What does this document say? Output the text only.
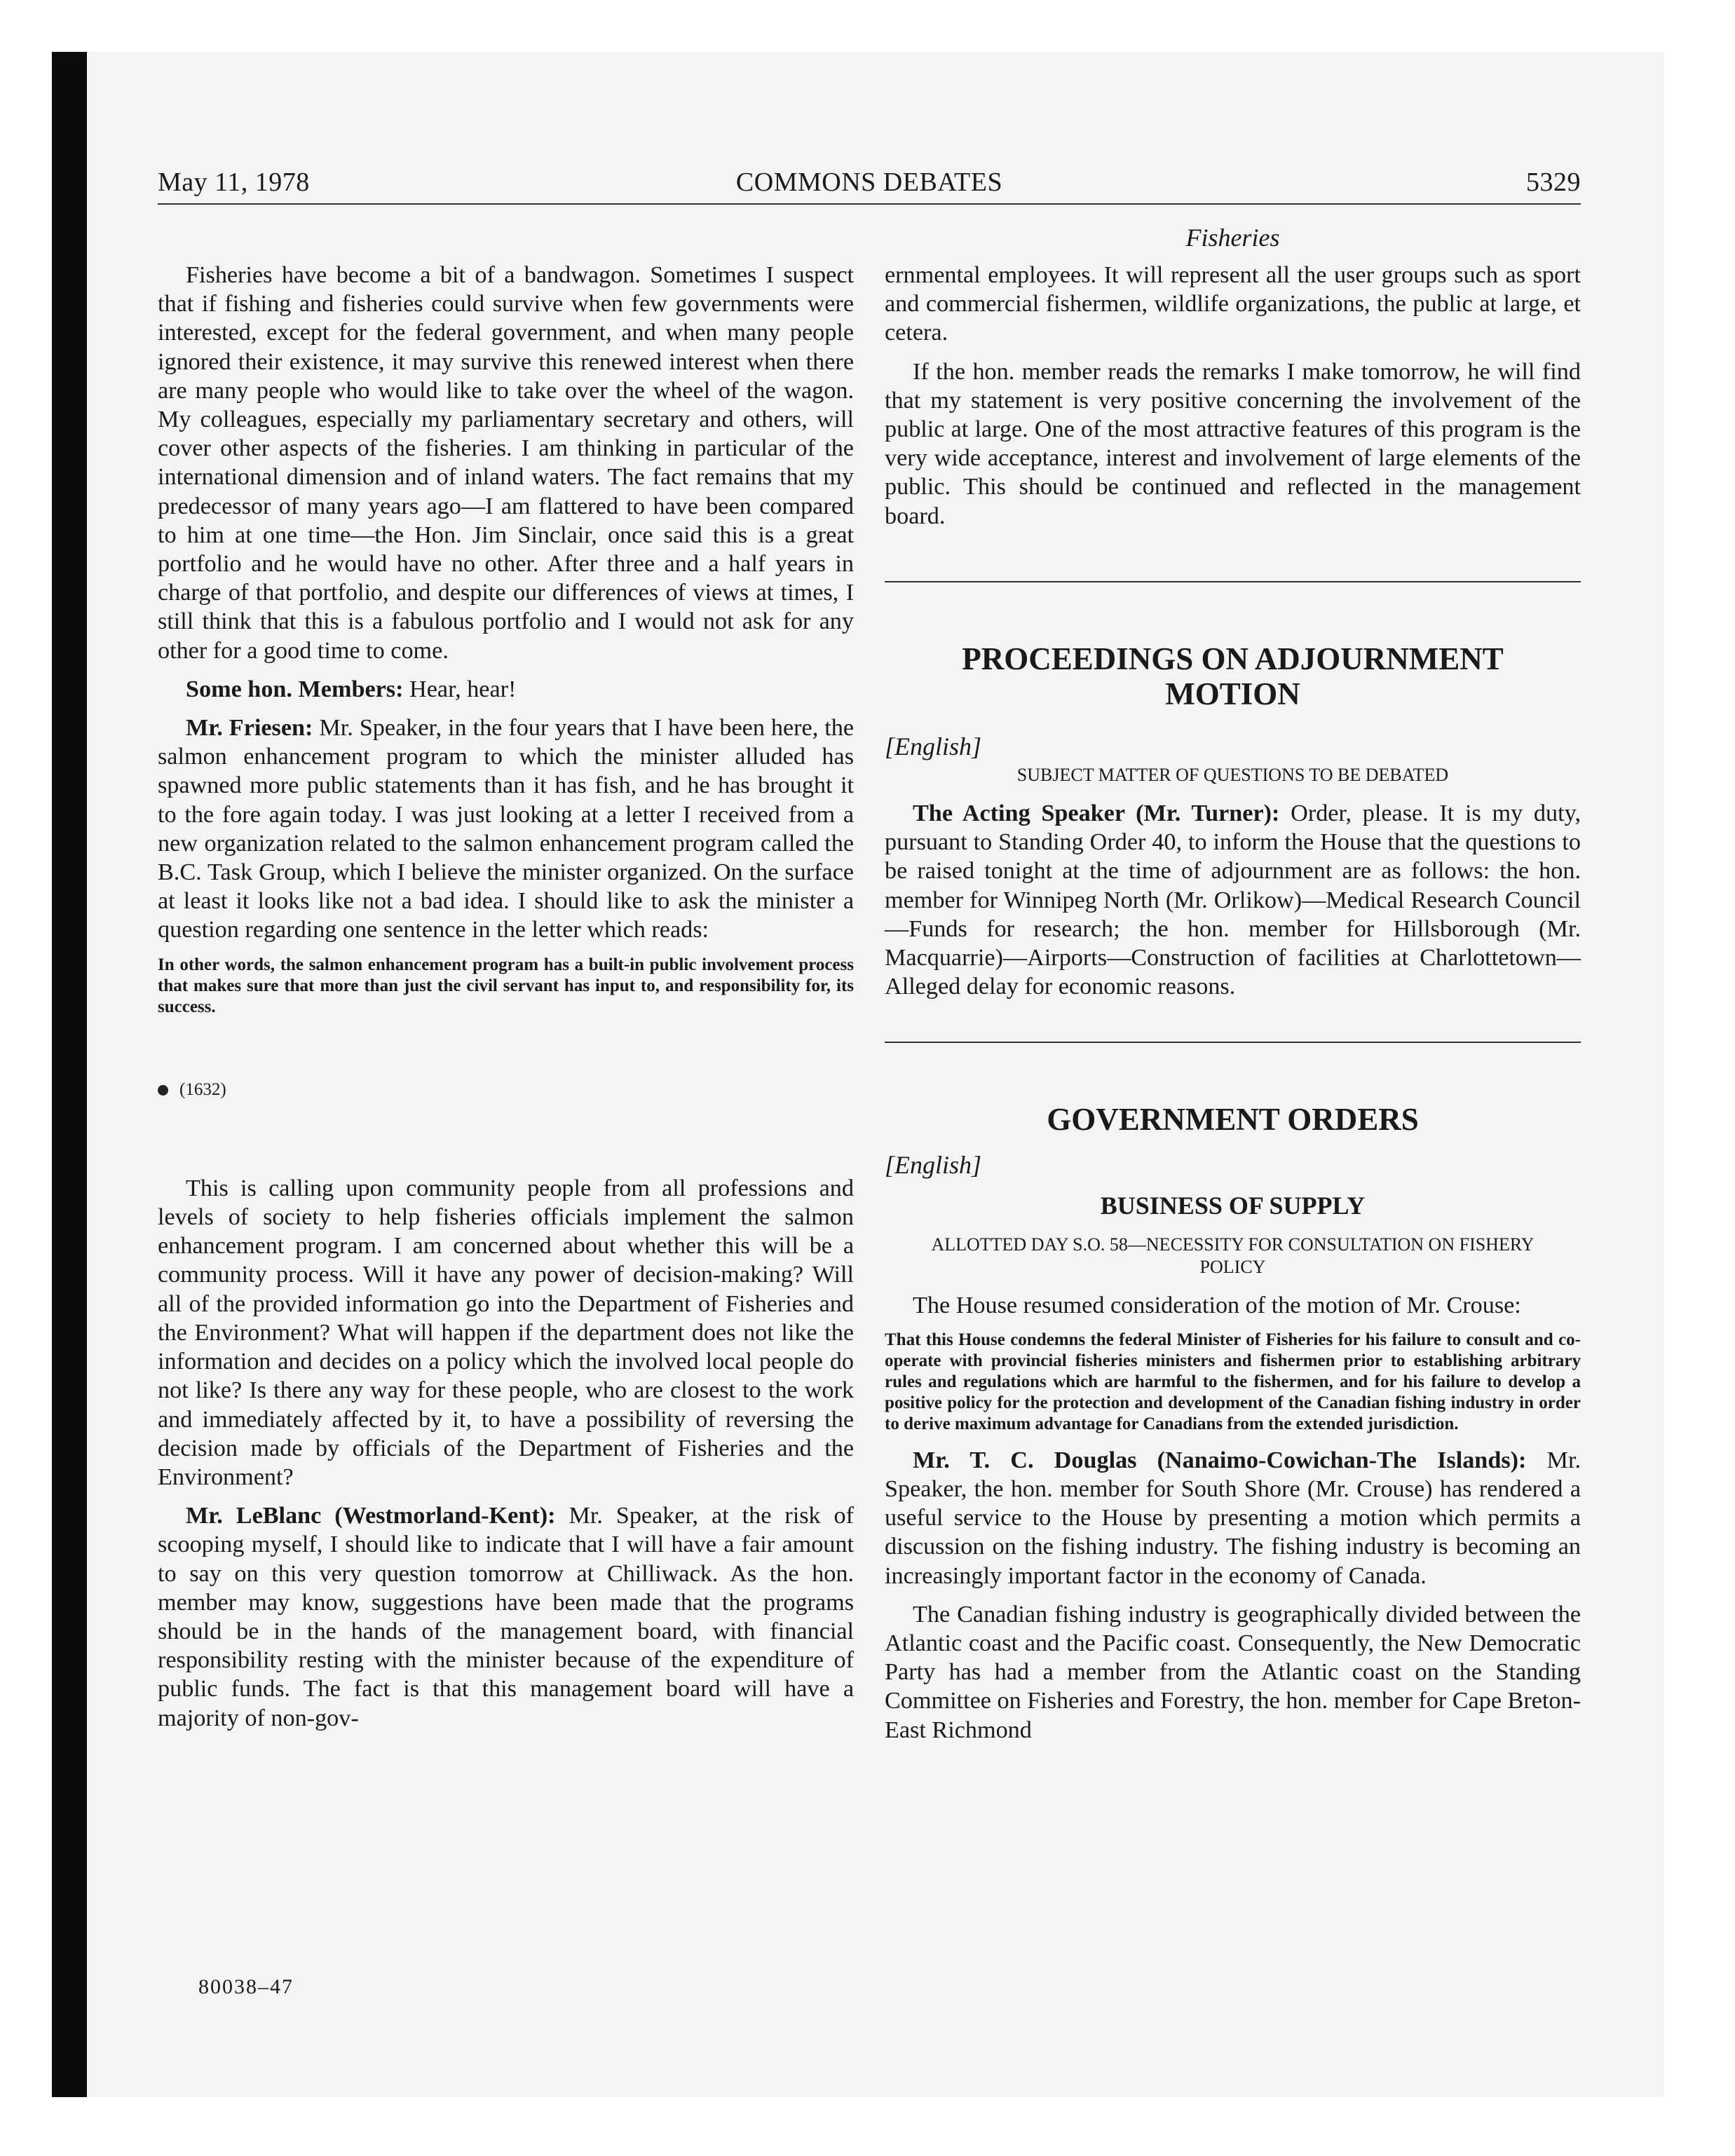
May 11, 1978	COMMONS DEBATES	5329
Fisheries

Fisheries have become a bit of a bandwagon. Sometimes I suspect that if fishing and fisheries could survive when few governments were interested, except for the federal government, and when many people ignored their existence, it may survive this renewed interest when there are many people who would like to take over the wheel of the wagon. My colleagues, especially my parliamentary secretary and others, will cover other aspects of the fisheries. I am thinking in particular of the international dimension and of inland waters. The fact remains that my predecessor of many years ago—I am flattered to have been compared to him at one time—the Hon. Jim Sinclair, once said this is a great portfolio and he would have no other. After three and a half years in charge of that portfolio, and despite our differences of views at times, I still think that this is a fabulous portfolio and I would not ask for any other for a good time to come.

Some hon. Members: Hear, hear!

Mr. Friesen: Mr. Speaker, in the four years that I have been here, the salmon enhancement program to which the minister alluded has spawned more public statements than it has fish, and he has brought it to the fore again today. I was just looking at a letter I received from a new organization related to the salmon enhancement program called the B.C. Task Group, which I believe the minister organized. On the surface at least it looks like not a bad idea. I should like to ask the minister a question regarding one sentence in the letter which reads:

In other words, the salmon enhancement program has a built-in public involvement process that makes sure that more than just the civil servant has input to, and responsibility for, its success.
(1632)

This is calling upon community people from all professions and levels of society to help fisheries officials implement the salmon enhancement program. I am concerned about whether this will be a community process. Will it have any power of decision-making? Will all of the provided information go into the Department of Fisheries and the Environment? What will happen if the department does not like the information and decides on a policy which the involved local people do not like? Is there any way for these people, who are closest to the work and immediately affected by it, to have a possibility of reversing the decision made by officials of the Department of Fisheries and the Environment?

Mr. LeBlanc (Westmorland-Kent): Mr. Speaker, at the risk of scooping myself, I should like to indicate that I will have a fair amount to say on this very question tomorrow at Chilliwack. As the hon. member may know, suggestions have been made that the programs should be in the hands of the management board, with financial responsibility resting with the minister because of the expenditure of public funds. The fact is that this management board will have a majority of non-gov-

ernmental employees. It will represent all the user groups such as sport and commercial fishermen, wildlife organizations, the public at large, et cetera.

If the hon. member reads the remarks I make tomorrow, he will find that my statement is very positive concerning the involvement of the public at large. One of the most attractive features of this program is the very wide acceptance, interest and involvement of large elements of the public. This should be continued and reflected in the management board.

PROCEEDINGS ON ADJOURNMENT MOTION
[English]
SUBJECT MATTER OF QUESTIONS TO BE DEBATED

The Acting Speaker (Mr. Turner): Order, please. It is my duty, pursuant to Standing Order 40, to inform the House that the questions to be raised tonight at the time of adjournment are as follows: the hon. member for Winnipeg North (Mr. Orlikow)—Medical Research Council—Funds for research; the hon. member for Hillsborough (Mr. Macquarrie)—Airports—Construction of facilities at Charlottetown—Alleged delay for economic reasons.

GOVERNMENT ORDERS
[English]
BUSINESS OF SUPPLY
ALLOTTED DAY S.O. 58—NECESSITY FOR CONSULTATION ON FISHERY POLICY

The House resumed consideration of the motion of Mr. Crouse:

That this House condemns the federal Minister of Fisheries for his failure to consult and co-operate with provincial fisheries ministers and fishermen prior to establishing arbitrary rules and regulations which are harmful to the fishermen, and for his failure to develop a positive policy for the protection and development of the Canadian fishing industry in order to derive maximum advantage for Canadians from the extended jurisdiction.

Mr. T. C. Douglas (Nanaimo-Cowichan-The Islands): Mr. Speaker, the hon. member for South Shore (Mr. Crouse) has rendered a useful service to the House by presenting a motion which permits a discussion on the fishing industry. The fishing industry is becoming an increasingly important factor in the economy of Canada.

The Canadian fishing industry is geographically divided between the Atlantic coast and the Pacific coast. Consequently, the New Democratic Party has had a member from the Atlantic coast on the Standing Committee on Fisheries and Forestry, the hon. member for Cape Breton-East Richmond

80038–47
